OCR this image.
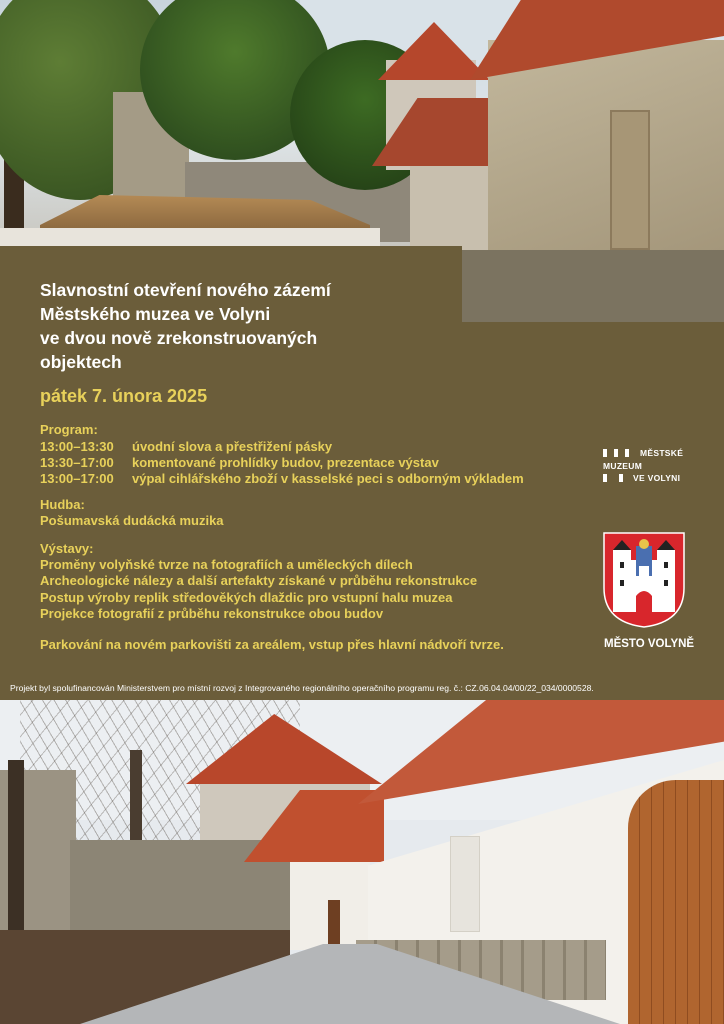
Slavnostní otevření nového zázemí
Městského muzea ve Volyni
ve dvou nově zrekonstruovaných
objektech
pátek 7. února 2025
Program:
13:00–13:30 úvodní slova a přestřižení pásky
13:30–17:00 komentované prohlídky budov, prezentace výstav
13:00–17:00 výpal cihlářského zboží v kasselské peci s odborným výkladem
Hudba:
Pošumavská dudácká muzika
Výstavy:
Proměny volyňské tvrze na fotografiích a uměleckých dílech
Archeologické nálezy a další artefakty získané v průběhu rekonstrukce
Postup výroby replik středověkých dlaždic pro vstupní halu muzea
Projekce fotografií z průběhu rekonstrukce obou budov
Parkování na novém parkovišti za areálem, vstup přes hlavní nádvoří tvrze.
MĚSTSKÉ
MUZEUM
VE VOLYNI
MĚSTO VOLYNĚ
Projekt byl spolufinancován Ministerstvem pro místní rozvoj z Integrovaného regionálního operačního programu reg. č.: CZ.06.04.04/00/22_034/0000528.
